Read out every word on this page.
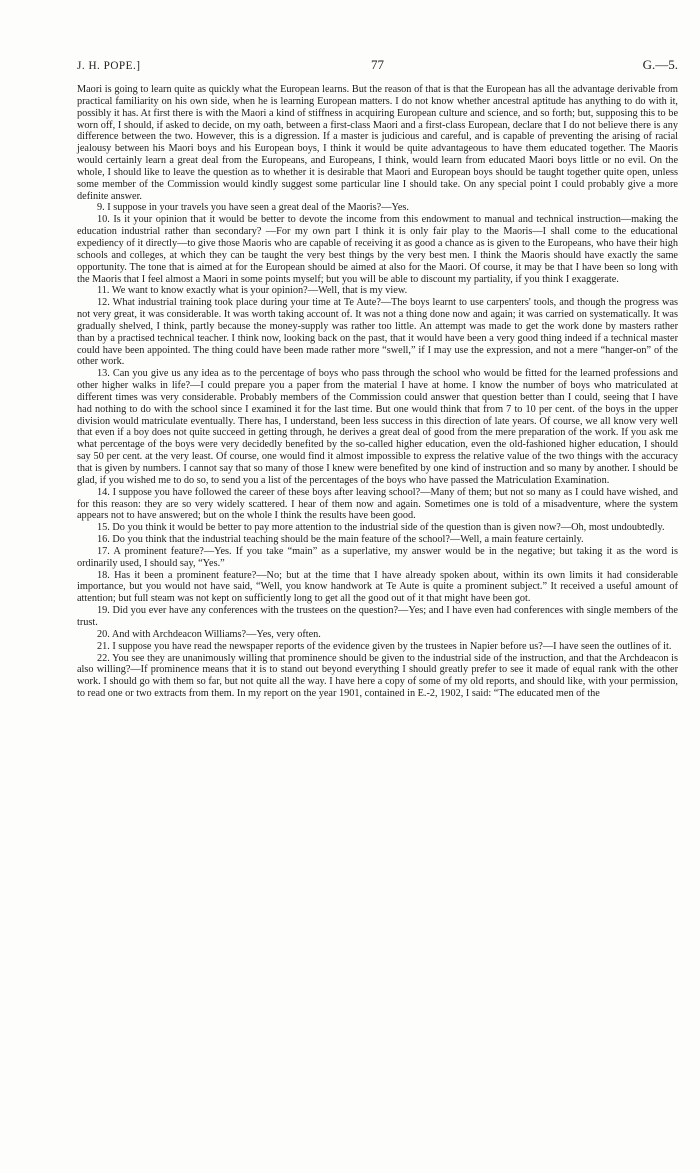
J. H. POPE.]	77	G.—5.

Maori is going to learn quite as quickly what the European learns. But the reason of that is that the European has all the advantage derivable from practical familiarity on his own side, when he is learning European matters. I do not know whether ancestral aptitude has anything to do with it, possibly it has. At first there is with the Maori a kind of stiffness in acquiring European culture and science, and so forth; but, supposing this to be worn off, I should, if asked to decide, on my oath, between a first-class Maori and a first-class European, declare that I do not believe there is any difference between the two. However, this is a digression. If a master is judicious and careful, and is capable of preventing the arising of racial jealousy between his Maori boys and his European boys, I think it would be quite advantageous to have them educated together. The Maoris would certainly learn a great deal from the Europeans, and Europeans, I think, would learn from educated Maori boys little or no evil. On the whole, I should like to leave the question as to whether it is desirable that Maori and European boys should be taught together quite open, unless some member of the Commission would kindly suggest some particular line I should take. On any special point I could probably give a more definite answer.

9. I suppose in your travels you have seen a great deal of the Maoris?—Yes.

10. Is it your opinion that it would be better to devote the income from this endowment to manual and technical instruction—making the education industrial rather than secondary? —For my own part I think it is only fair play to the Maoris—I shall come to the educational expediency of it directly—to give those Maoris who are capable of receiving it as good a chance as is given to the Europeans, who have their high schools and colleges, at which they can be taught the very best things by the very best men. I think the Maoris should have exactly the same opportunity. The tone that is aimed at for the European should be aimed at also for the Maori. Of course, it may be that I have been so long with the Maoris that I feel almost a Maori in some points myself; but you will be able to discount my partiality, if you think I exaggerate.

11. We want to know exactly what is your opinion?—Well, that is my view.

12. What industrial training took place during your time at Te Aute?—The boys learnt to use carpenters' tools, and though the progress was not very great, it was considerable. It was worth taking account of. It was not a thing done now and again; it was carried on systematically. It was gradually shelved, I think, partly because the money-supply was rather too little. An attempt was made to get the work done by masters rather than by a practised technical teacher. I think now, looking back on the past, that it would have been a very good thing indeed if a technical master could have been appointed. The thing could have been made rather more “swell,” if I may use the expression, and not a mere “hanger-on” of the other work.

13. Can you give us any idea as to the percentage of boys who pass through the school who would be fitted for the learned professions and other higher walks in life?—I could prepare you a paper from the material I have at home. I know the number of boys who matriculated at different times was very considerable. Probably members of the Commission could answer that question better than I could, seeing that I have had nothing to do with the school since I examined it for the last time. But one would think that from 7 to 10 per cent. of the boys in the upper division would matriculate eventually. There has, I understand, been less success in this direction of late years. Of course, we all know very well that even if a boy does not quite succeed in getting through, he derives a great deal of good from the mere preparation of the work. If you ask me what percentage of the boys were very decidedly benefited by the so-called higher education, even the old-fashioned higher education, I should say 50 per cent. at the very least. Of course, one would find it almost impossible to express the relative value of the two things with the accuracy that is given by numbers. I cannot say that so many of those I knew were benefited by one kind of instruction and so many by another. I should be glad, if you wished me to do so, to send you a list of the percentages of the boys who have passed the Matriculation Examination.

14. I suppose you have followed the career of these boys after leaving school?—Many of them; but not so many as I could have wished, and for this reason: they are so very widely scattered. I hear of them now and again. Sometimes one is told of a misadventure, where the system appears not to have answered; but on the whole I think the results have been good.

15. Do you think it would be better to pay more attention to the industrial side of the question than is given now?—Oh, most undoubtedly.

16. Do you think that the industrial teaching should be the main feature of the school?—Well, a main feature certainly.

17. A prominent feature?—Yes. If you take “main” as a superlative, my answer would be in the negative; but taking it as the word is ordinarily used, I should say, “Yes.”

18. Has it been a prominent feature?—No; but at the time that I have already spoken about, within its own limits it had considerable importance, but you would not have said, “Well, you know handwork at Te Aute is quite a prominent subject.” It received a useful amount of attention; but full steam was not kept on sufficiently long to get all the good out of it that might have been got.

19. Did you ever have any conferences with the trustees on the question?—Yes; and I have even had conferences with single members of the trust.

20. And with Archdeacon Williams?—Yes, very often.

21. I suppose you have read the newspaper reports of the evidence given by the trustees in Napier before us?—I have seen the outlines of it.

22. You see they are unanimously willing that prominence should be given to the industrial side of the instruction, and that the Archdeacon is also willing?—If prominence means that it is to stand out beyond everything I should greatly prefer to see it made of equal rank with the other work. I should go with them so far, but not quite all the way. I have here a copy of some of my old reports, and should like, with your permission, to read one or two extracts from them. In my report on the year 1901, contained in E.-2, 1902, I said: “The educated men of the
